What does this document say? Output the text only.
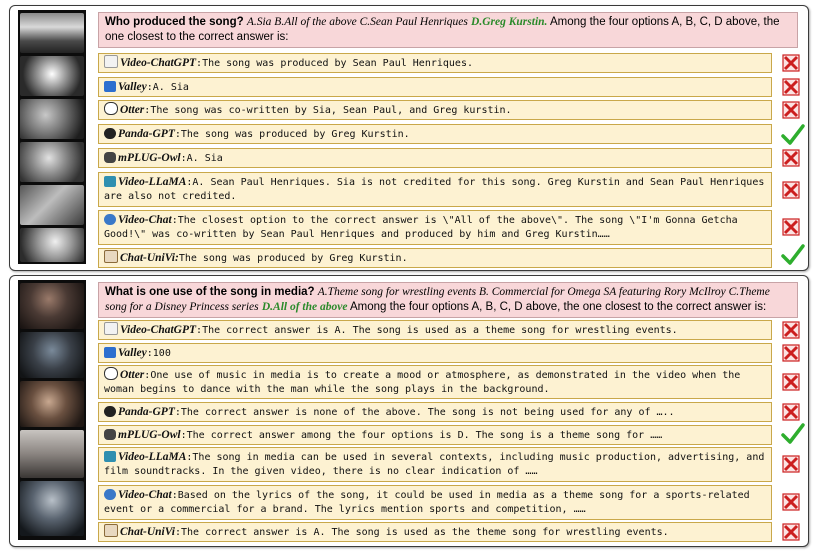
Who produced the song? A.Sia B.All of the above C.Sean Paul Henriques D.Greg Kurstin. Among the four options A, B, C, D above, the one closest to the correct answer is:
Video-ChatGPT:The song was produced by Sean Paul Henriques.
Valley:A. Sia
Otter:The song was co-written by Sia, Sean Paul, and Greg kurstin.
Panda-GPT:The song was produced by Greg Kurstin.
mPLUG-Owl:A. Sia
Video-LLaMA:A. Sean Paul Henriques. Sia is not credited for this song. Greg Kurstin and Sean Paul Henriques are also not credited.
Video-Chat:The closest option to the correct answer is \"All of the above\". The song \"I'm Gonna Getcha Good!\" was co-written by Sean Paul Henriques and produced by him and Greg Kurstin……
Chat-UniVi:The song was produced by Greg Kurstin.
What is one use of the song in media? A.Theme song for wrestling events B. Commercial for Omega SA featuring Rory McIlroy C.Theme song for a Disney Princess series D.All of the above Among the four options A, B, C, D above, the one closest to the correct answer is:
Video-ChatGPT:The correct answer is A. The song is used as a theme song for wrestling events.
Valley:100
Otter:One use of music in media is to create a mood or atmosphere, as demonstrated in the video when the woman begins to dance with the man while the song plays in the background.
Panda-GPT:The correct answer is none of the above. The song is not being used for any of …..
mPLUG-Owl:The correct answer among the four options is D. The song is a theme song for ……
Video-LLaMA:The song in media can be used in several contexts, including music production, advertising, and film soundtracks. In the given video, there is no clear indication of ……
Video-Chat:Based on the lyrics of the song, it could be used in media as a theme song for a sports-related event or a commercial for a brand. The lyrics mention sports and competition, ……
Chat-UniVi:The correct answer is A. The song is used as the theme song for wrestling events.
